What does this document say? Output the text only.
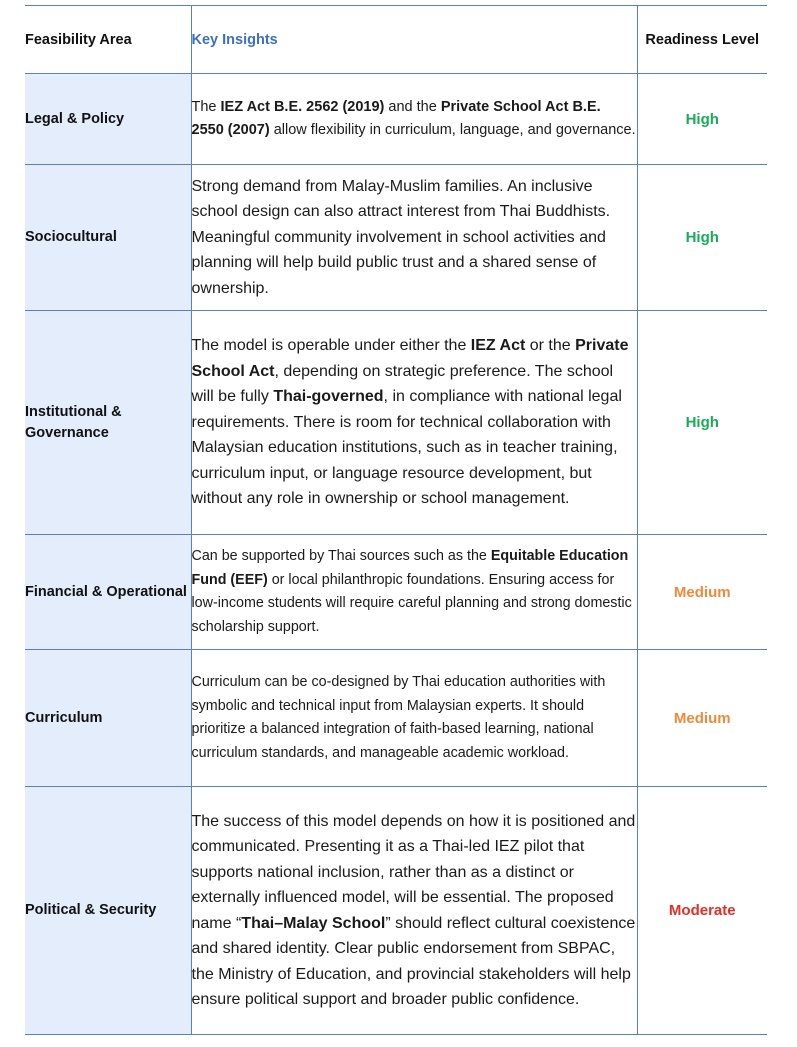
Feasibility Area	Key Insights	Readiness Level
Legal & Policy	The IEZ Act B.E. 2562 (2019) and the Private School Act B.E. 2550 (2007) allow flexibility in curriculum, language, and governance.	High
Sociocultural	Strong demand from Malay-Muslim families. An inclusive school design can also attract interest from Thai Buddhists. Meaningful community involvement in school activities and planning will help build public trust and a shared sense of ownership.	High
Institutional & Governance	The model is operable under either the IEZ Act or the Private School Act, depending on strategic preference. The school will be fully Thai-governed, in compliance with national legal requirements. There is room for technical collaboration with Malaysian education institutions, such as in teacher training, curriculum input, or language resource development, but without any role in ownership or school management.	High
Financial & Operational	Can be supported by Thai sources such as the Equitable Education Fund (EEF) or local philanthropic foundations. Ensuring access for low-income students will require careful planning and strong domestic scholarship support.	Medium
Curriculum	Curriculum can be co-designed by Thai education authorities with symbolic and technical input from Malaysian experts. It should prioritize a balanced integration of faith-based learning, national curriculum standards, and manageable academic workload.	Medium
Political & Security	The success of this model depends on how it is positioned and communicated. Presenting it as a Thai-led IEZ pilot that supports national inclusion, rather than as a distinct or externally influenced model, will be essential. The proposed name “Thai–Malay School” should reflect cultural coexistence and shared identity. Clear public endorsement from SBPAC, the Ministry of Education, and provincial stakeholders will help ensure political support and broader public confidence.	Moderate
